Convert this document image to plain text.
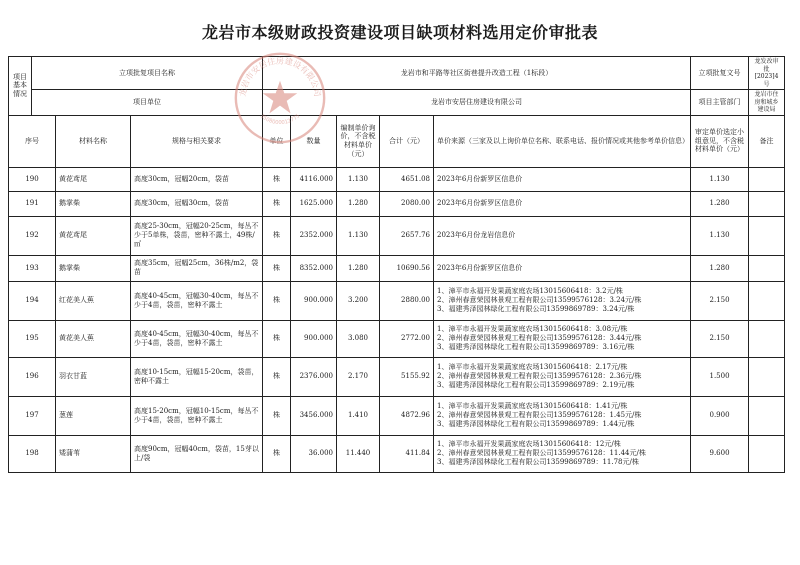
龙岩市本级财政投资建设项目缺项材料选用定价审批表
项目
基本
情况	立项批复项目名称			龙岩市和平路等社区街巷提升改造工程（1标段）					立项批复文号	龙发改审批[2023]4号
	项目单位			龙岩市安居住房建设有限公司					项目主管部门	龙岩市住房和城乡建设局
序号		材料名称	规格与相关要求	单位	数量	编制单价询价，不含税材料单价（元）	合计（元）	单价来源（三家及以上询价单位名称、联系电话、报价情况或其他参考单价信息）	审定单价选定小组意见，不含税材料单价（元）	备注
190		黄花鸢尾	高度30cm，冠幅20cm，袋苗	株	4116.000	1.130	4651.08	2023年6月份新罗区信息价	1.130	
191		鹅掌柴	高度30cm，冠幅30cm，袋苗	株	1625.000	1.280	2080.00	2023年6月份新罗区信息价	1.280	
192		黄花鸢尾	高度25-30cm，冠幅20-25cm，每丛不少于5单株，袋苗，密种不露土，49株/㎡	株	2352.000	1.130	2657.76	2023年6月份龙岩信息价	1.130	
193		鹅掌柴	高度35cm，冠幅25cm，36株/m2，袋苗	株	8352.000	1.280	10690.56	2023年6月份新罗区信息价	1.280	
194		红花美人蕉	高度40-45cm，冠幅30-40cm，每丛不少于4苗，袋苗，密种不露土	株	900.000	3.200	2880.00	1、漳平市永福开发果蔬家庭农场13015606418：3.2元/株
2、漳州春意荣园林景观工程有限公司13599576128：3.24元/株
3、福建秀泽园林绿化工程有限公司13599869789：3.24元/株	2.150	
195		黄花美人蕉	高度40-45cm，冠幅30-40cm，每丛不少于4苗，袋苗，密种不露土	株	900.000	3.080	2772.00	1、漳平市永福开发果蔬家庭农场13015606418：3.08元/株
2、漳州春意荣园林景观工程有限公司13599576128：3.44元/株
3、福建秀泽园林绿化工程有限公司13599869789：3.16元/株	2.150	
196		羽衣甘蓝	高度10-15cm，冠幅15-20cm，袋苗，密种不露土	株	2376.000	2.170	5155.92	1、漳平市永福开发果蔬家庭农场13015606418：2.17元/株
2、漳州春意荣园林景观工程有限公司13599576128：2.36元/株
3、福建秀泽园林绿化工程有限公司13599869789：2.19元/株	1.500	
197		葱莲	高度15-20cm，冠幅10-15cm，每丛不少于4苗，袋苗，密种不露土	株	3456.000	1.410	4872.96	1、漳平市永福开发果蔬家庭农场13015606418：1.41元/株
2、漳州春意荣园林景观工程有限公司13599576128：1.45元/株
3、福建秀泽园林绿化工程有限公司13599869789：1.44元/株	0.900	
198		矮蒲苇	高度90cm，冠幅40cm，袋苗，15芽以上/袋	株	36.000	11.440	411.84	1、漳平市永福开发果蔬家庭农场13015606418：12元/株
2、漳州春意荣园林景观工程有限公司13599576128：11.44元/株
3、福建秀泽园林绿化工程有限公司13599869789：11.78元/株	9.600	
龙岩市安居住房建设有限公司
3508000012775
